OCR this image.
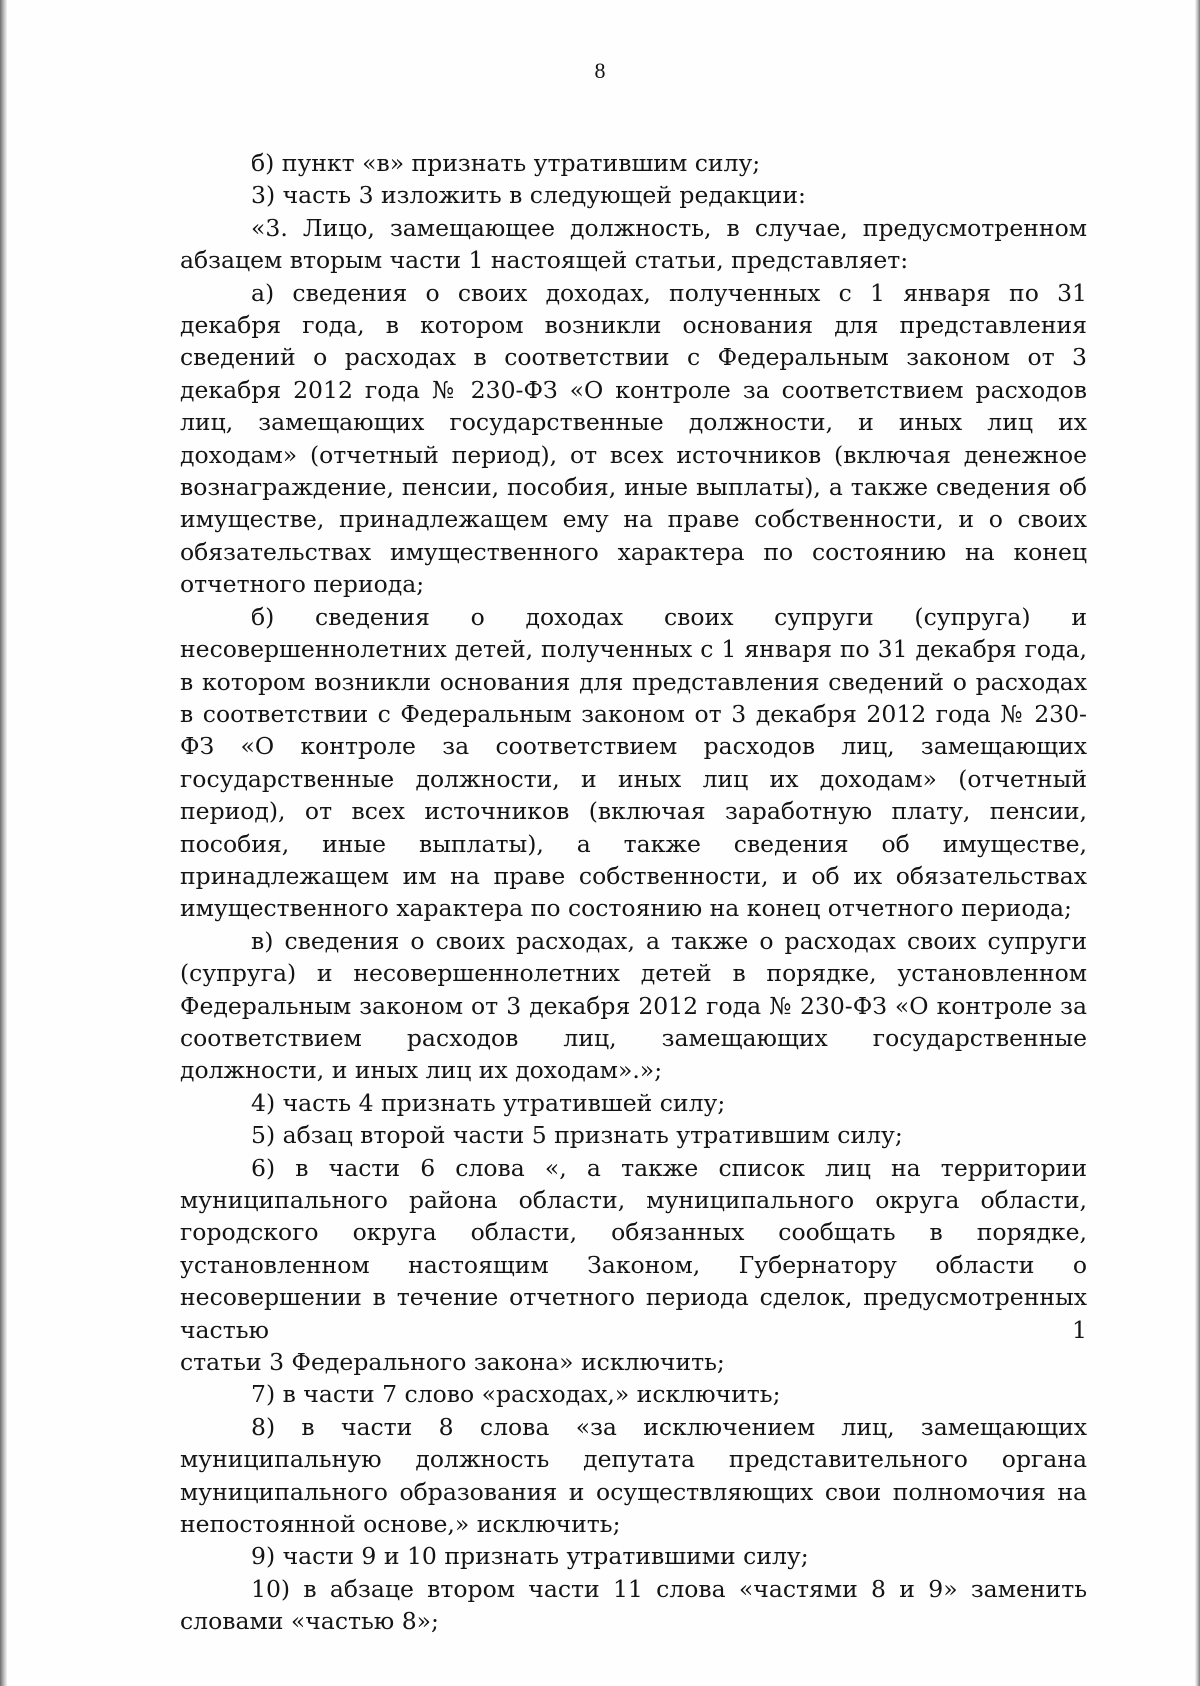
8

б) пункт «в» признать утратившим силу;

3) часть 3 изложить в следующей редакции:

«3. Лицо, замещающее должность, в случае, предусмотренном абзацем вторым части 1 настоящей статьи, представляет:

а) сведения о своих доходах, полученных с 1 января по 31 декабря года, в котором возникли основания для представления сведений о расходах в соответствии с Федеральным законом от 3 декабря 2012 года № 230-ФЗ «О контроле за соответствием расходов лиц, замещающих государственные должности, и иных лиц их доходам» (отчетный период), от всех источников (включая денежное вознаграждение, пенсии, пособия, иные выплаты), а также сведения об имуществе, принадлежащем ему на праве собственности, и о своих обязательствах имущественного характера по состоянию на конец отчетного периода;

б) сведения о доходах своих супруги (супруга) и несовершеннолетних детей, полученных с 1 января по 31 декабря года, в котором возникли основания для представления сведений о расходах в соответствии с Федеральным законом от 3 декабря 2012 года № 230-ФЗ «О контроле за соответствием расходов лиц, замещающих государственные должности, и иных лиц их доходам» (отчетный период), от всех источников (включая заработную плату, пенсии, пособия, иные выплаты), а также сведения об имуществе, принадлежащем им на праве собственности, и об их обязательствах имущественного характера по состоянию на конец отчетного периода;

в) сведения о своих расходах, а также о расходах своих супруги (супруга) и несовершеннолетних детей в порядке, установленном Федеральным законом от 3 декабря 2012 года № 230-ФЗ «О контроле за соответствием расходов лиц, замещающих государственные должности, и иных лиц их доходам».»;

4) часть 4 признать утратившей силу;

5) абзац второй части 5 признать утратившим силу;

6) в части 6 слова «, а также список лиц на территории муниципального района области, муниципального округа области, городского округа области, обязанных сообщать в порядке, установленном настоящим Законом, Губернатору области о несовершении в течение отчетного периода сделок, предусмотренных частью 1

статьи 3 Федерального закона» исключить;

7) в части 7 слово «расходах,» исключить;

8) в части 8 слова «за исключением лиц, замещающих муниципальную должность депутата представительного органа муниципального образования и осуществляющих свои полномочия на непостоянной основе,» исключить;

9) части 9 и 10 признать утратившими силу;

10) в абзаце втором части 11 слова «частями 8 и 9» заменить словами «частью 8»;
